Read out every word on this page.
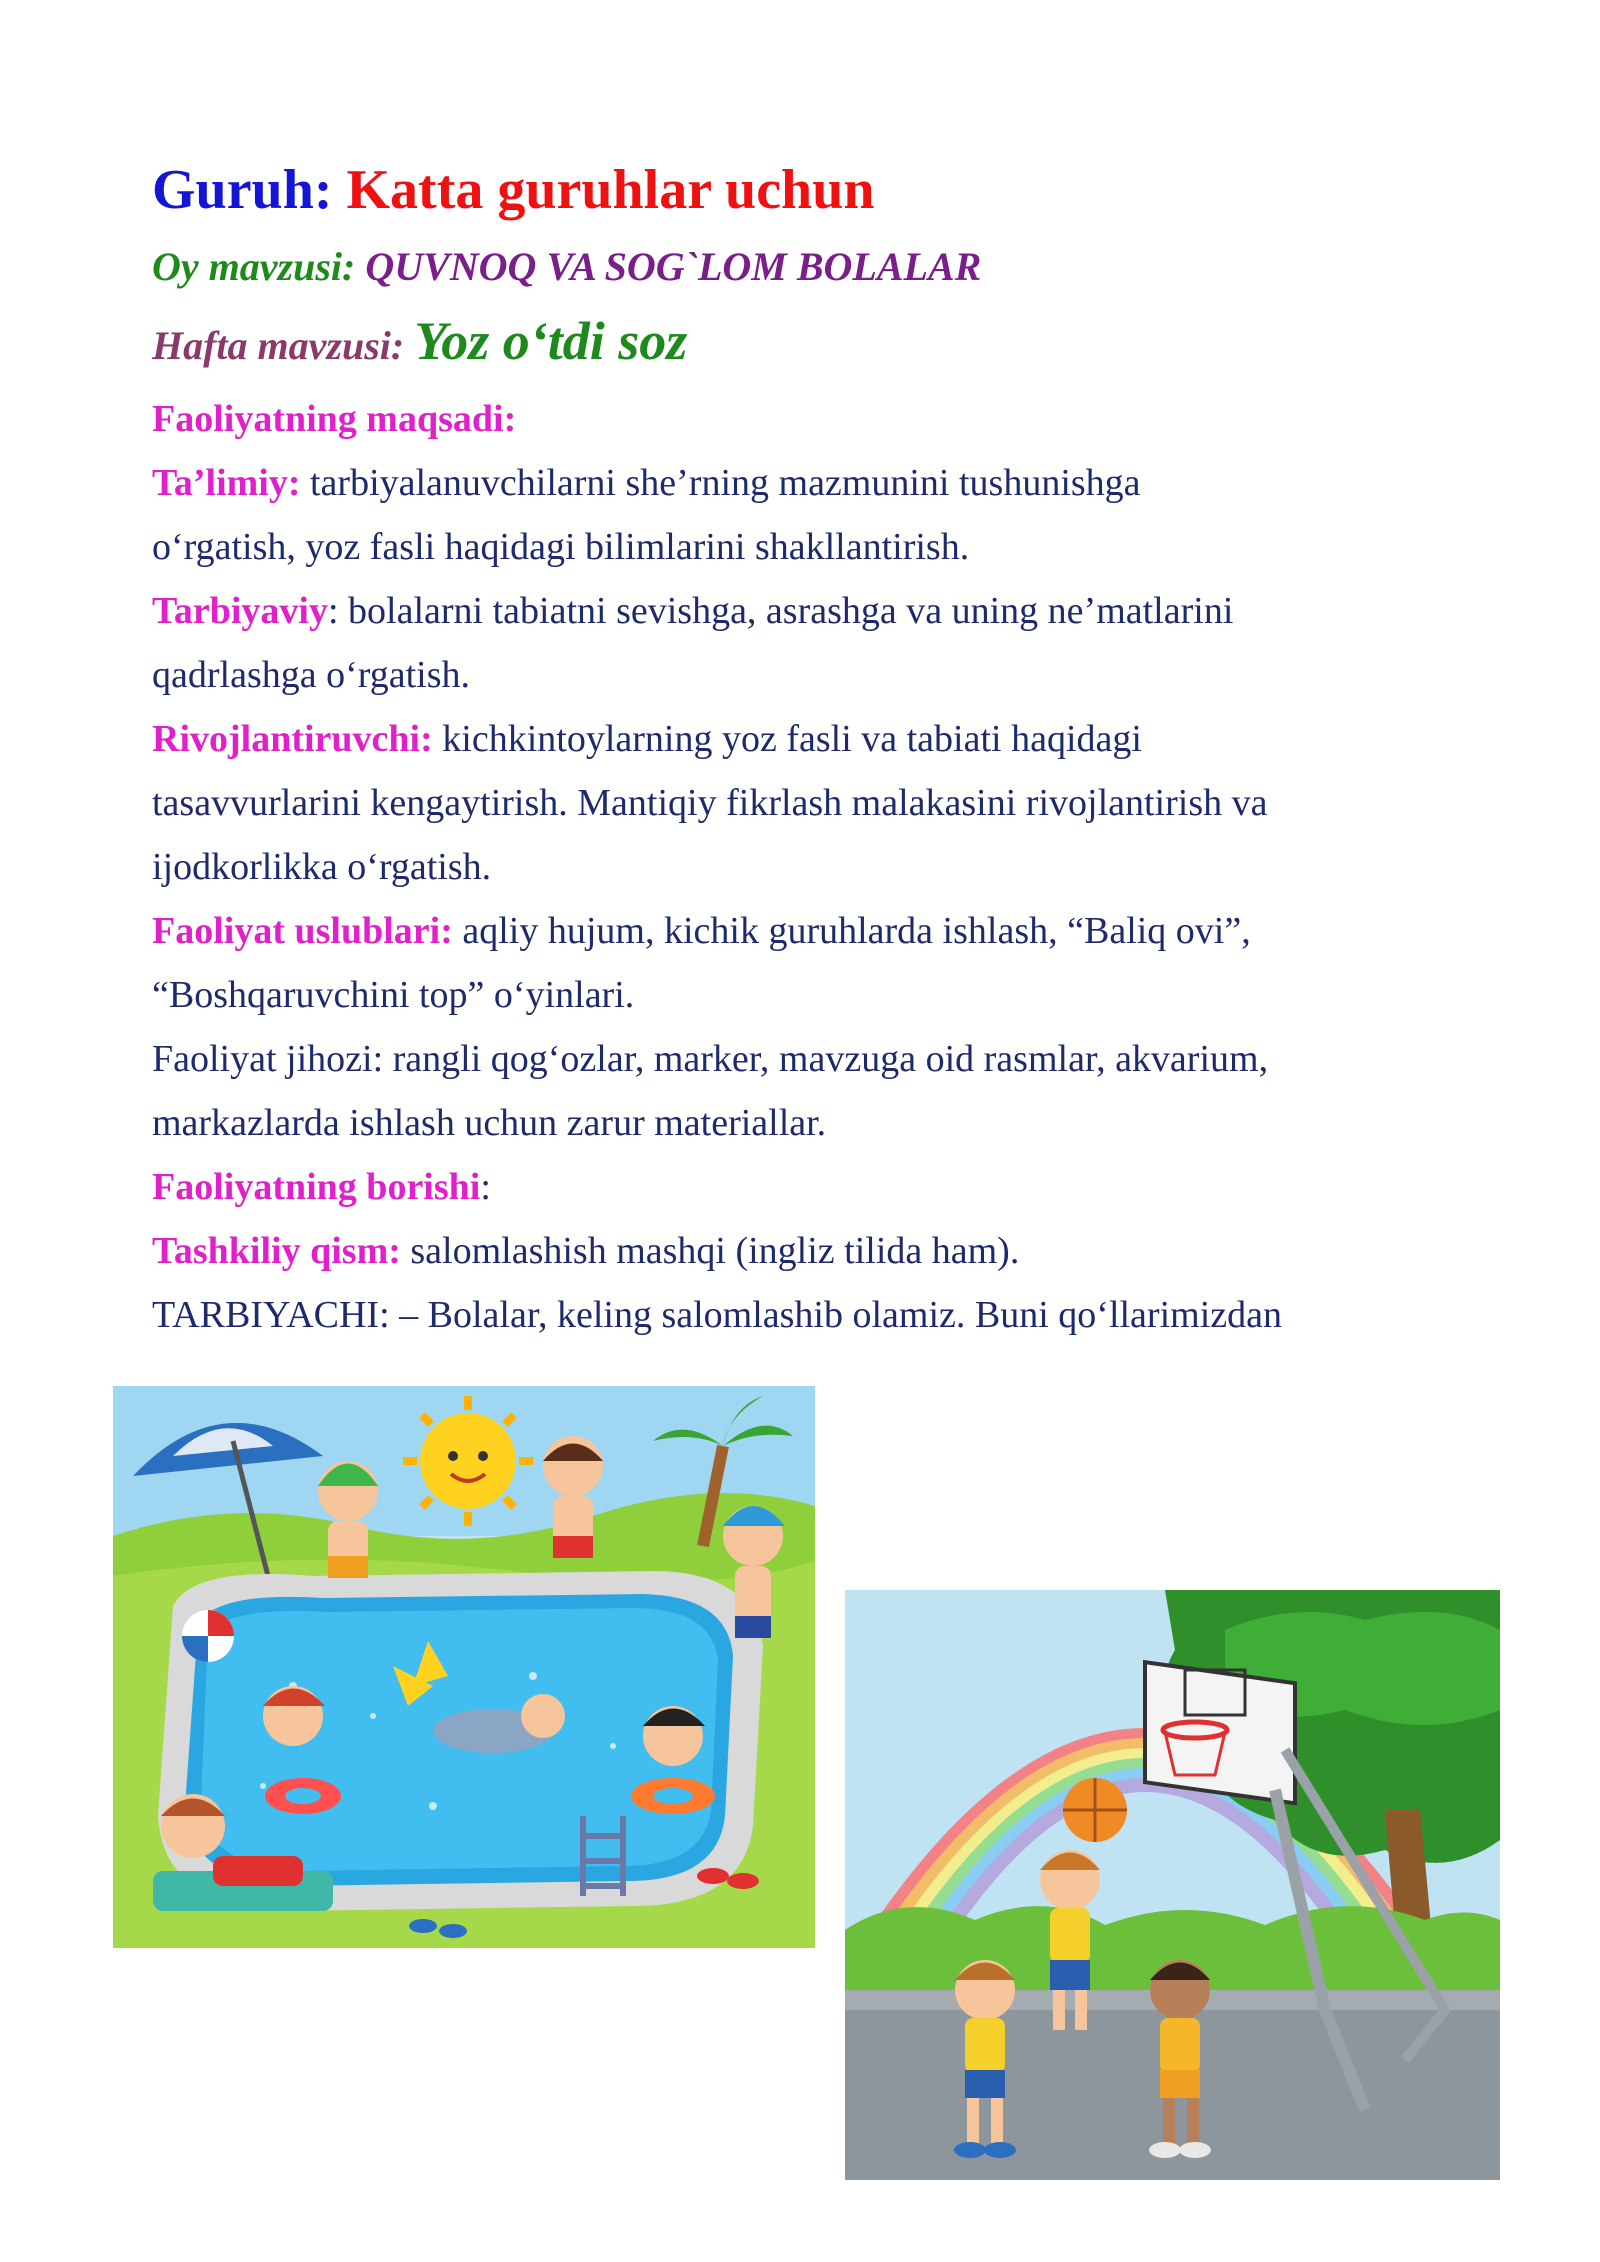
Guruh: Katta guruhlar uchun

Oy mavzusi: QUVNOQ VA SOG`LOM BOLALAR

Hafta mavzusi: Yoz o‘tdi soz

Faoliyatning maqsadi:

Ta’limiy: tarbiyalanuvchilarni she’rning mazmunini tushunishga

o‘rgatish, yoz fasli haqidagi bilimlarini shakllantirish.

Tarbiyaviy: bolalarni tabiatni sevishga, asrashga va uning ne’matlarini

qadrlashga o‘rgatish.

Rivojlantiruvchi: kichkintoylarning yoz fasli va tabiati haqidagi

tasavvurlarini kengaytirish. Mantiqiy fikrlash malakasini rivojlantirish va

ijodkorlikka o‘rgatish.

Faoliyat uslublari: aqliy hujum, kichik guruhlarda ishlash, “Baliq ovi”,

“Boshqaruvchini top” o‘yinlari.

Faoliyat jihozi: rangli qog‘ozlar, marker, mavzuga oid rasmlar, akvarium,

markazlarda ishlash uchun zarur materiallar.

Faoliyatning borishi:

Tashkiliy qism: salomlashish mashqi (ingliz tilida ham).

TARBIYACHI: – Bolalar, keling salomlashib olamiz. Buni qo‘llarimizdan
